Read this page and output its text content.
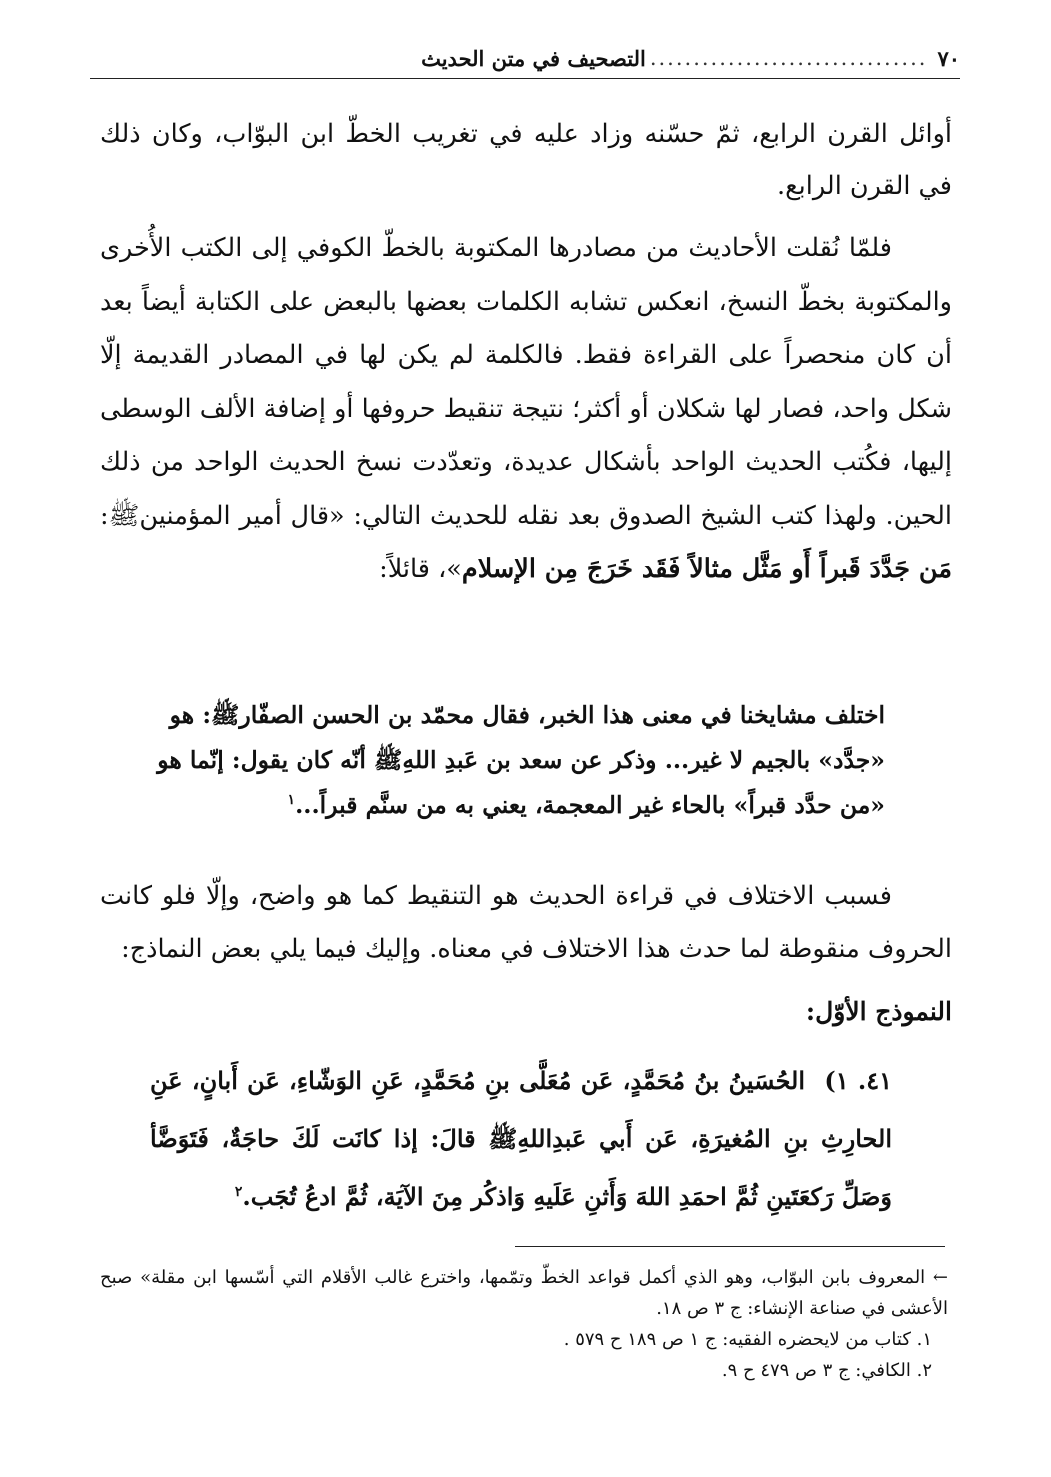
٧٠
................................
التصحيف في متن الحديث
أوائل القرن الرابع، ثمّ حسّنه وزاد عليه في تغريب الخطّ ابن البوّاب، وكان ذلك في القرن الرابع.
فلمّا نُقلت الأحاديث من مصادرها المكتوبة بالخطّ الكوفي إلى الكتب الأُخرى والمكتوبة بخطّ النسخ، انعكس تشابه الكلمات بعضها بالبعض على الكتابة أيضاً بعد أن كان منحصراً على القراءة فقط. فالكلمة لم يكن لها في المصادر القديمة إلّا شكل واحد، فصار لها شكلان أو أكثر؛ نتيجة تنقيط حروفها أو إضافة الألف الوسطى إليها، فكُتب الحديث الواحد بأشكال عديدة، وتعدّدت نسخ الحديث الواحد من ذلك الحين. ولهذا كتب الشيخ الصدوق بعد نقله للحديث التالي: «قال أمير المؤمنينﷺ: مَن جَدَّدَ قَبراً أَو مَثَّل مثالاً فَقَد خَرَجَ مِن الإسلام»، قائلاً:
اختلف مشايخنا في معنى هذا الخبر، فقال محمّد بن الحسن الصفّارﷺ: هو «جدَّد» بالجيم لا غير... وذكر عن سعد بن عَبدِ اللهِﷺ أنّه كان يقول: إنّما هو «من حدَّد قبراً» بالحاء غير المعجمة، يعني به من سنَّم قبراً...$^١$
فسبب الاختلاف في قراءة الحديث هو التنقيط كما هو واضح، وإلّا فلو كانت الحروف منقوطة لما حدث هذا الاختلاف في معناه. وإليك فيما يلي بعض النماذج:
النموذج الأوّل:
٤١. ١) الحُسَينُ بنُ مُحَمَّدٍ، عَن مُعَلَّى بنِ مُحَمَّدٍ، عَنِ الوَشّاءِ، عَن أَبانٍ، عَنِ الحارِثِ بنِ المُغيرَةِ، عَن أَبي عَبدِاللهِﷺ قالَ: إذا كانَت لَكَ حاجَةٌ، فَتَوَضَّأ وَصَلِّ رَكعَتَينِ ثُمَّ احمَدِ اللهَ وَأَثنِ عَلَيهِ وَاذكُر مِنَ الآيَة، ثُمَّ ادعُ تُجَب.$^٢$
← المعروف بابن البوّاب، وهو الذي أكمل قواعد الخطّ وتمّمها، واخترع غالب الأقلام التي أسّسها ابن مقلة» صبح الأعشى في صناعة الإنشاء: ج ٣ ص ١٨.
١. كتاب من لايحضره الفقيه: ج ١ ص ١٨٩ ح ٥٧٩ .
٢. الكافي: ج ٣ ص ٤٧٩ ح ٩.
